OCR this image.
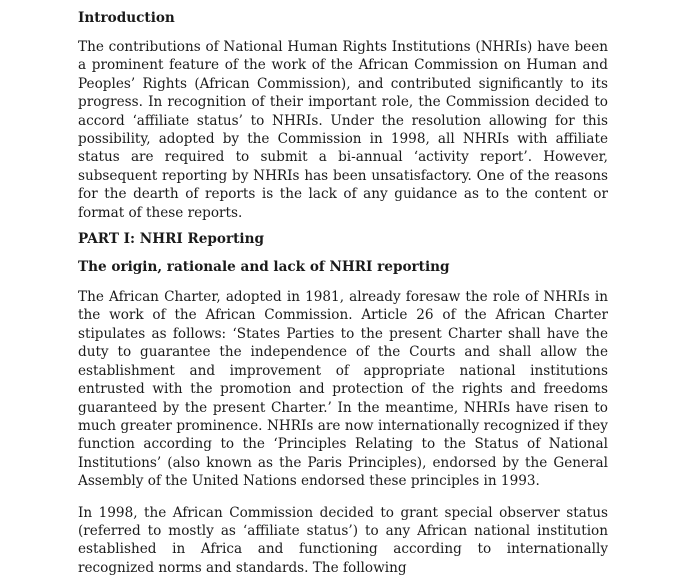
Introduction

The contributions of National Human Rights Institutions (NHRIs) have been a prominent feature of the work of the African Commission on Human and Peoples’ Rights (African Commission), and contributed significantly to its progress. In recognition of their important role, the Commission decided to accord ‘affiliate status’ to NHRIs. Under the resolution allowing for this possibility, adopted by the Commission in 1998, all NHRIs with affiliate status are required to submit a bi-annual ‘activity report’. However, subsequent reporting by NHRIs has been unsatisfactory. One of the reasons for the dearth of reports is the lack of any guidance as to the content or format of these reports.

PART I: NHRI Reporting

The origin, rationale and lack of NHRI reporting

The African Charter, adopted in 1981, already foresaw the role of NHRIs in the work of the African Commission. Article 26 of the African Charter stipulates as follows: ‘States Parties to the present Charter shall have the duty to guarantee the independence of the Courts and shall allow the establishment and improvement of appropriate national institutions entrusted with the promotion and protection of the rights and freedoms guaranteed by the present Charter.’ In the meantime, NHRIs have risen to much greater prominence. NHRIs are now internationally recognized if they function according to the ‘Principles Relating to the Status of National Institutions’ (also known as the Paris Principles), endorsed by the General Assembly of the United Nations endorsed these principles in 1993.

In 1998, the African Commission decided to grant special observer status (referred to mostly as ‘affiliate status’) to any African national institution established in Africa and functioning according to internationally recognized norms and standards. The following
